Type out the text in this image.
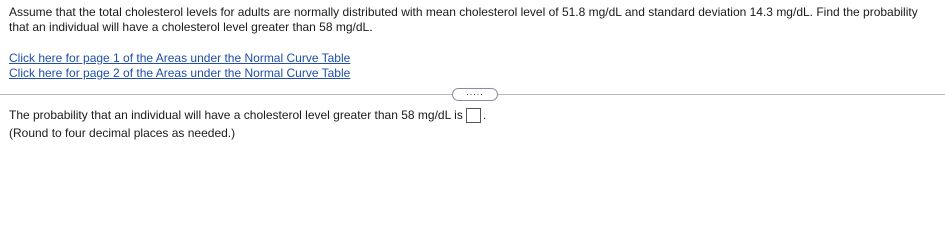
Assume that the total cholesterol levels for adults are normally distributed with mean cholesterol level of 51.8 mg/dL and standard deviation 14.3 mg/dL. Find the probability that an individual will have a cholesterol level greater than 58 mg/dL.
Click here for page 1 of the Areas under the Normal Curve Table
Click here for page 2 of the Areas under the Normal Curve Table
.....
The probability that an individual will have a cholesterol level greater than 58 mg/dL is .
(Round to four decimal places as needed.)
